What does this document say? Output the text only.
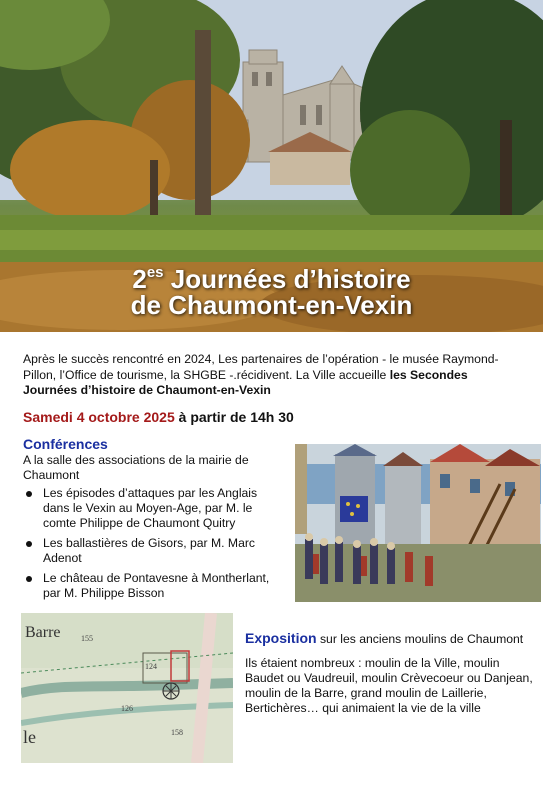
$2^{es}$ Journées d’histoire
de Chaumont-en-Vexin
Après le succès rencontré en 2024, Les partenaires de l’opération - le musée Raymond-Pillon, l’Office de tourisme, la SHGBE -.récidivent. La Ville accueille les Secondes Journées d’histoire de Chaumont-en-Vexin
Samedi 4 octobre 2025 à partir de 14h 30
Conférences
A la salle des associations de la mairie de Chaumont
Les épisodes d’attaques par les Anglais dans le Vexin au Moyen-Age, par M. le comte Philippe de Chaumont Quitry
Les ballastières de Gisors, par M. Marc Adenot
Le château de Pontavesne à Montherlant, par M. Philippe Bisson
Barre
le
155
124
158
126

Exposition sur les anciens moulins de Chaumont

Ils étaient nombreux : moulin de la Ville, moulin Baudet ou Vaudreuil, moulin Crèvecoeur ou Danjean, moulin de la Barre, grand moulin de Laillerie, Bertichères… qui animaient la vie de la ville
